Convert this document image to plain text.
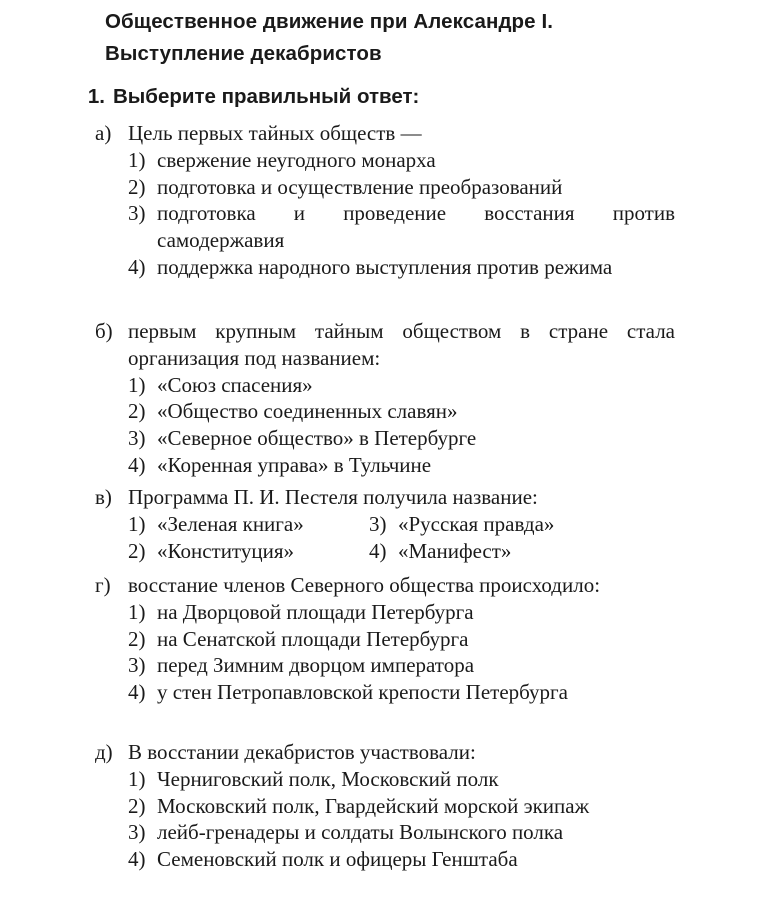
Общественное движение при Александре I.
Выступление декабристов
1. Выберите правильный ответ:
а) Цель первых тайных обществ —
1) свержение неугодного монарха
2) подготовка и осуществление преобразований
3) подготовка и проведение восстания против самодержавия
4) поддержка народного выступления против режима
б) первым крупным тайным обществом в стране стала организация под названием:
1) «Союз спасения»
2) «Общество соединенных славян»
3) «Северное общество» в Петербурге
4) «Коренная управа» в Тульчине
в) Программа П. И. Пестеля получила название:
1) «Зеленая книга»	3) «Русская правда»
2) «Конституция»	4) «Манифест»
г) восстание членов Северного общества происходило:
1) на Дворцовой площади Петербурга
2) на Сенатской площади Петербурга
3) перед Зимним дворцом императора
4) у стен Петропавловской крепости Петербурга
д) В восстании декабристов участвовали:
1) Черниговский полк, Московский полк
2) Московский полк, Гвардейский морской экипаж
3) лейб-гренадеры и солдаты Волынского полка
4) Семеновский полк и офицеры Генштаба
